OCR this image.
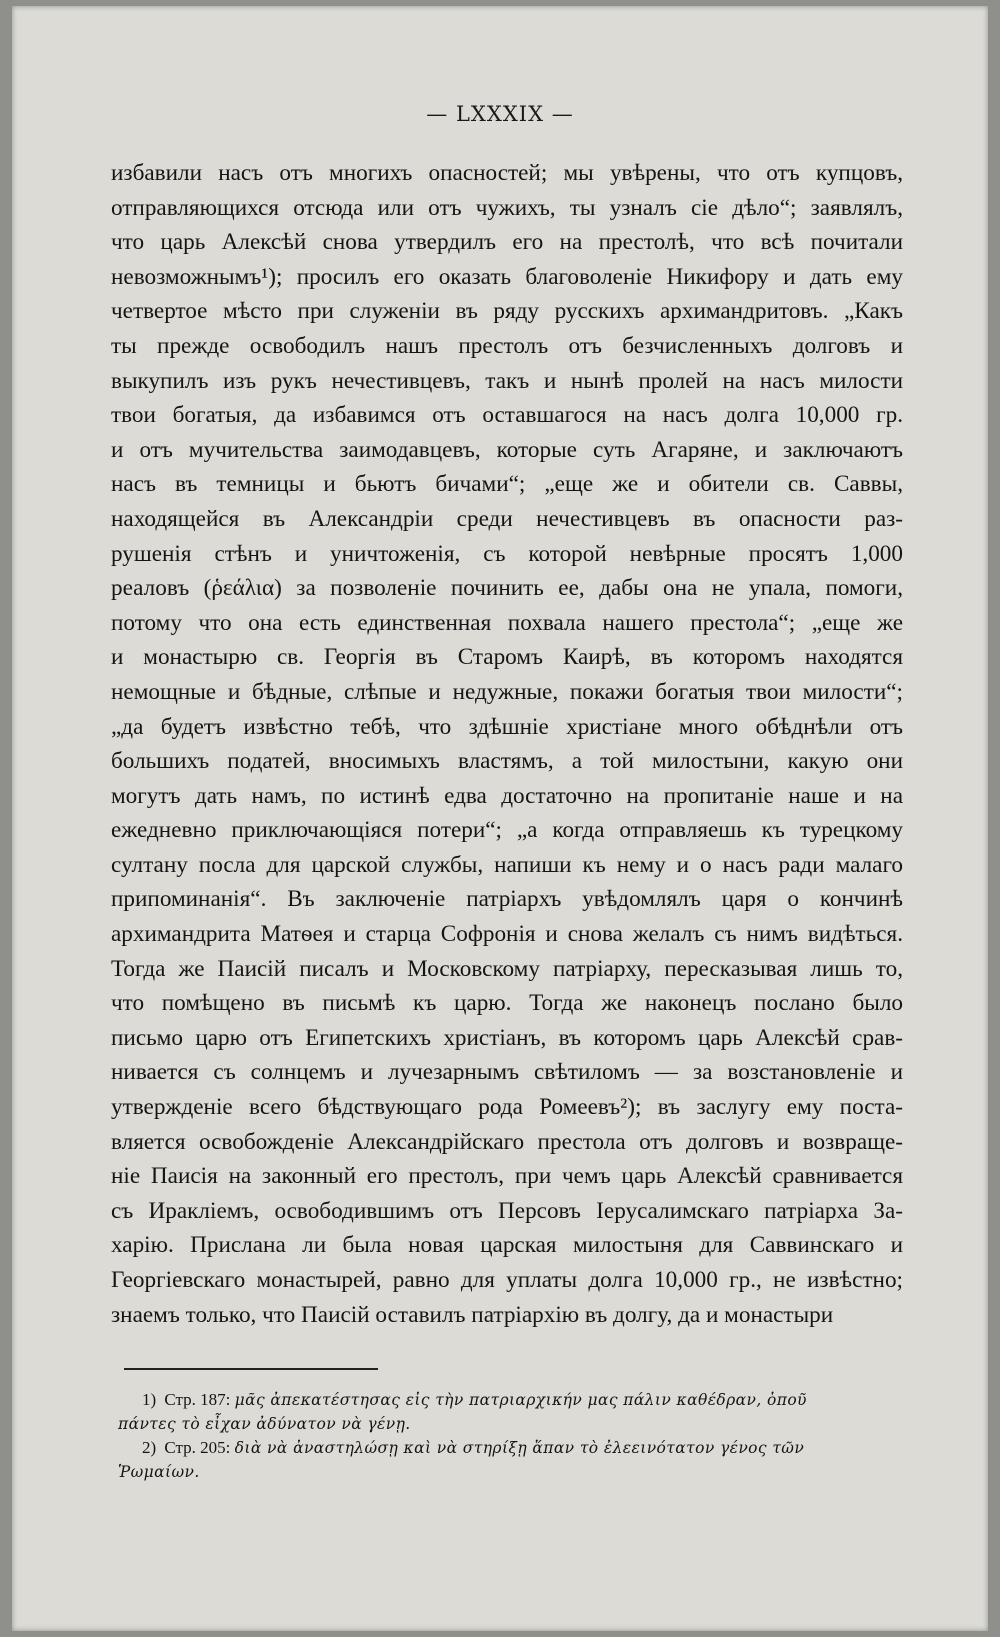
— LXXXIX —
избавили насъ отъ многихъ опасностей; мы увѣрены, что отъ купцовъ,
отправляющихся отсюда или отъ чужихъ, ты узналъ сіе дѣло“; заявлялъ,
что царь Алексѣй снова утвердилъ его на престолѣ, что всѣ почитали
невозможнымъ¹); просилъ его оказать благоволеніе Никифору и дать ему
четвертое мѣсто при служеніи въ ряду русскихъ архимандритовъ. „Какъ
ты прежде освободилъ нашъ престолъ отъ безчисленныхъ долговъ и
выкупилъ изъ рукъ нечестивцевъ, такъ и нынѣ пролей на насъ милости
твои богатыя, да избавимся отъ оставшагося на насъ долга 10,000 гр.
и отъ мучительства заимодавцевъ, которые суть Агаряне, и заключаютъ
насъ въ темницы и бьютъ бичами“; „еще же и обители св. Саввы,
находящейся въ Александріи среди нечестивцевъ въ опасности раз-
рушенія стѣнъ и уничтоженія, съ которой невѣрные просятъ 1,000
реаловъ (ῥεάλια) за позволеніе починить ее, дабы она не упала, помоги,
потому что она есть единственная похвала нашего престола“; „еще же
и монастырю св. Георгія въ Старомъ Каирѣ, въ которомъ находятся
немощные и бѣдные, слѣпые и недужные, покажи богатыя твои милости“;
„да будетъ извѣстно тебѣ, что здѣшніе христіане много обѣднѣли отъ
большихъ податей, вносимыхъ властямъ, а той милостыни, какую они
могутъ дать намъ, по истинѣ едва достаточно на пропитаніе наше и на
ежедневно приключающіяся потери“; „а когда отправляешь къ турецкому
султану посла для царской службы, напиши къ нему и о насъ ради малаго
припоминанія“. Въ заключеніе патріархъ увѣдомлялъ царя о кончинѣ
архимандрита Матѳея и старца Софронія и снова желалъ съ нимъ видѣться.
Тогда же Паисій писалъ и Московскому патріарху, пересказывая лишь то,
что помѣщено въ письмѣ къ царю. Тогда же наконецъ послано было
письмо царю отъ Египетскихъ христіанъ, въ которомъ царь Алексѣй срав-
нивается съ солнцемъ и лучезарнымъ свѣтиломъ — за возстановленіе и
утвержденіе всего бѣдствующаго рода Ромеевъ²); въ заслугу ему поста-
вляется освобожденіе Александрійскаго престола отъ долговъ и возвраще-
ніе Паисія на законный его престолъ, при чемъ царь Алексѣй сравнивается
съ Иракліемъ, освободившимъ отъ Персовъ Іерусалимскаго патріарха За-
харію. Прислана ли была новая царская милостыня для Саввинскаго и
Георгіевскаго монастырей, равно для уплаты долга 10,000 гр., не извѣстно;
знаемъ только, что Паисій оставилъ патріархію въ долгу, да и монастыри
1) Стр. 187: μᾶς ἀπεκατέστησας εἰς τὴν πατριαρχικήν μας πάλιν καθέδραν, ὁποῦ
πάντες τὸ εἶχαν ἀδύνατον νὰ γένῃ.
2) Стр. 205: διὰ νὰ ἀναστηλώσῃ καὶ νὰ στηρίξῃ ἅπαν τὸ ἐλεεινότατον γένος τῶν
Ῥωμαίων.
